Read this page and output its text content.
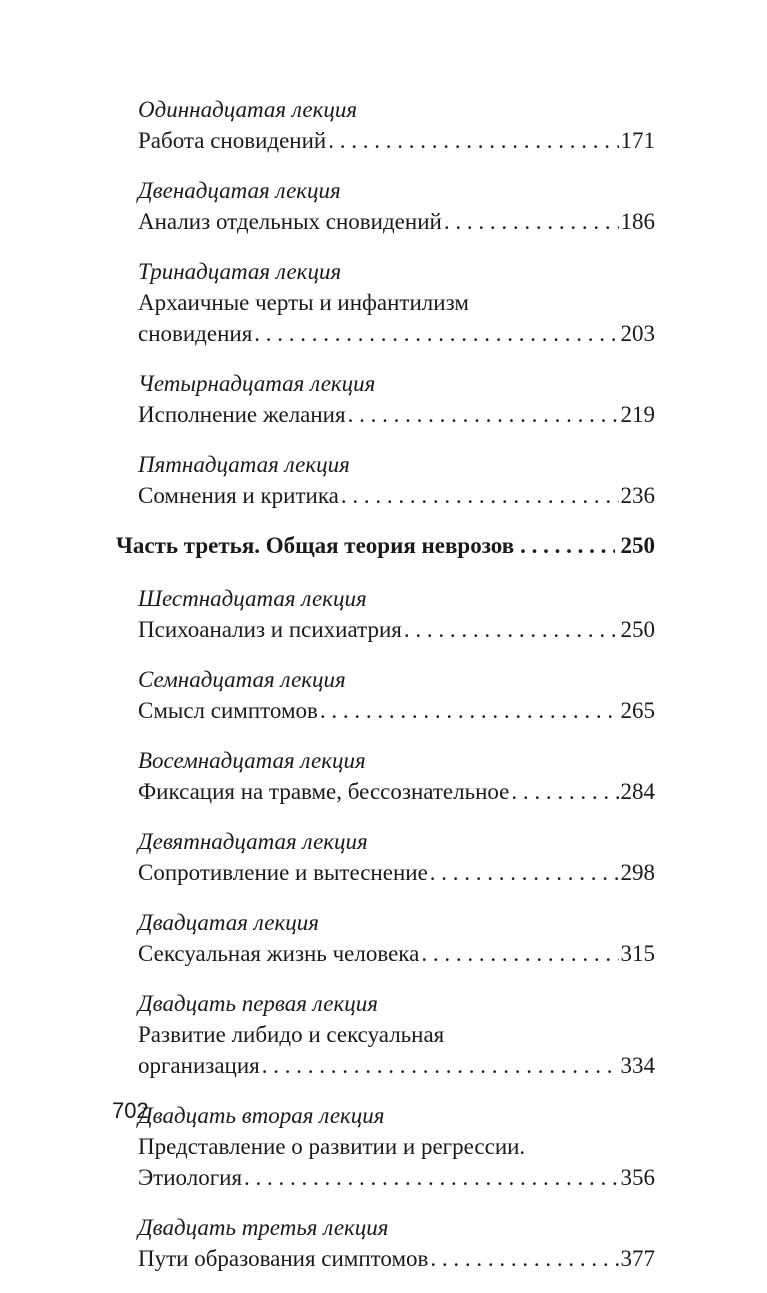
Одиннадцатая лекция
Работа сновидений . . .	171
Двенадцатая лекция
Анализ отдельных сновидений . . .	186
Тринадцатая лекция
Архаичные черты и инфантилизм
сновидения . . .	203
Четырнадцатая лекция
Исполнение желания . . .	219
Пятнадцатая лекция
Сомнения и критика . . .	236
Часть третья. Общая теория неврозов . . .	250
Шестнадцатая лекция
Психоанализ и психиатрия . . .	250
Семнадцатая лекция
Смысл симптомов . . .	265
Восемнадцатая лекция
Фиксация на травме, бессознательное . . .	284
Девятнадцатая лекция
Сопротивление и вытеснение . . .	298
Двадцатая лекция
Сексуальная жизнь человека . . .	315
Двадцать первая лекция
Развитие либидо и сексуальная
организация . . .	334
Двадцать вторая лекция
Представление о развитии и регрессии.
Этиология . . .	356
Двадцать третья лекция
Пути образования симптомов . . .	377
702
